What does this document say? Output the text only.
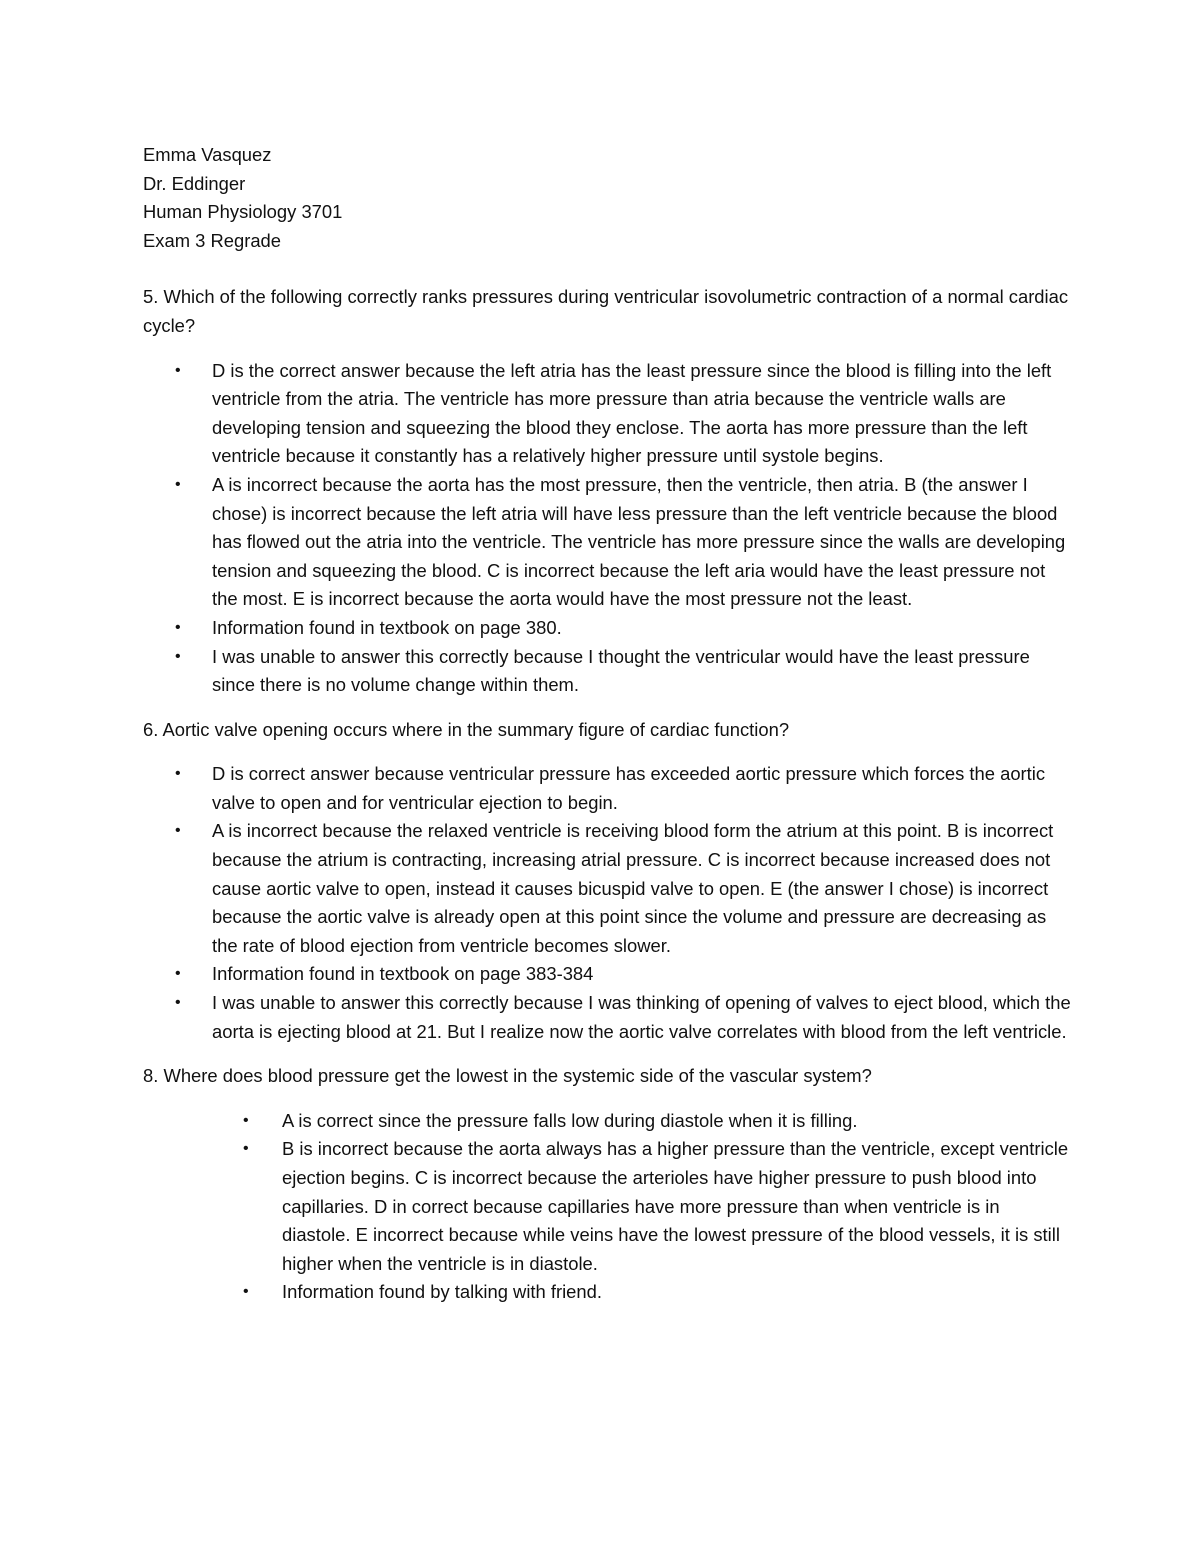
Emma Vasquez

Dr. Eddinger

Human Physiology 3701

Exam 3 Regrade

5. Which of the following correctly ranks pressures during ventricular isovolumetric contraction of a normal cardiac cycle?

• D is the correct answer because the left atria has the least pressure since the blood is filling into the left ventricle from the atria. The ventricle has more pressure than atria because the ventricle walls are developing tension and squeezing the blood they enclose. The aorta has more pressure than the left ventricle because it constantly has a relatively higher pressure until systole begins.
• A is incorrect because the aorta has the most pressure, then the ventricle, then atria. B (the answer I chose) is incorrect because the left atria will have less pressure than the left ventricle because the blood has flowed out the atria into the ventricle. The ventricle has more pressure since the walls are developing tension and squeezing the blood. C is incorrect because the left aria would have the least pressure not the most. E is incorrect because the aorta would have the most pressure not the least.
• Information found in textbook on page 380.
• I was unable to answer this correctly because I thought the ventricular would have the least pressure since there is no volume change within them.

6. Aortic valve opening occurs where in the summary figure of cardiac function?

• D is correct answer because ventricular pressure has exceeded aortic pressure which forces the aortic valve to open and for ventricular ejection to begin.
• A is incorrect because the relaxed ventricle is receiving blood form the atrium at this point. B is incorrect because the atrium is contracting, increasing atrial pressure. C is incorrect because increased does not cause aortic valve to open, instead it causes bicuspid valve to open. E (the answer I chose) is incorrect because the aortic valve is already open at this point since the volume and pressure are decreasing as the rate of blood ejection from ventricle becomes slower.
• Information found in textbook on page 383-384
• I was unable to answer this correctly because I was thinking of opening of valves to eject blood, which the aorta is ejecting blood at 21. But I realize now the aortic valve correlates with blood from the left ventricle.

8. Where does blood pressure get the lowest in the systemic side of the vascular system?

• A is correct since the pressure falls low during diastole when it is filling.
• B is incorrect because the aorta always has a higher pressure than the ventricle, except ventricle ejection begins. C is incorrect because the arterioles have higher pressure to push blood into capillaries. D in correct because capillaries have more pressure than when ventricle is in diastole. E incorrect because while veins have the lowest pressure of the blood vessels, it is still higher when the ventricle is in diastole.
• Information found by talking with friend.
